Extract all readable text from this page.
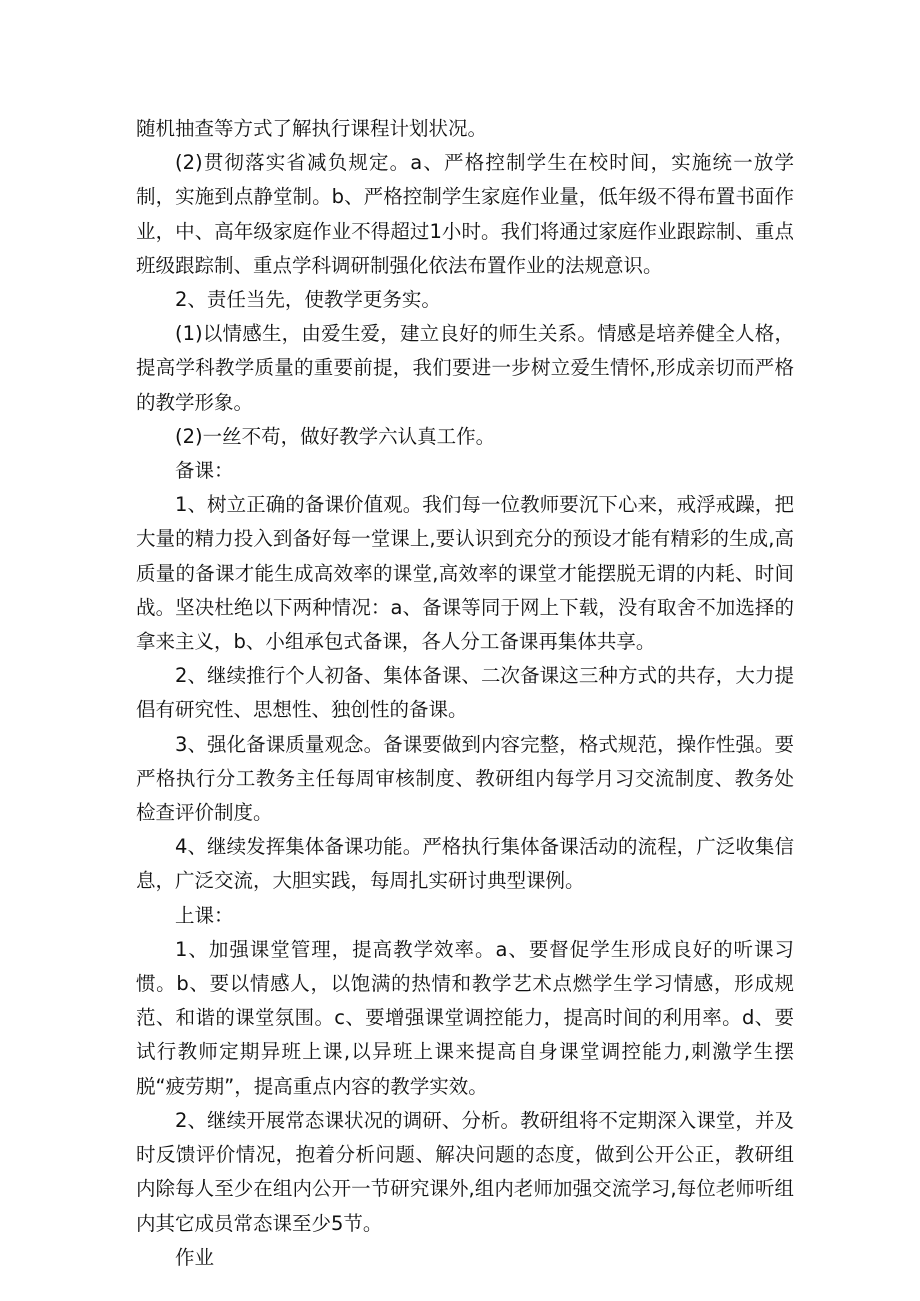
随机抽查等方式了解执行课程计划状况。

(2)贯彻落实省减负规定。a、严格控制学生在校时间，实施统一放学制，实施到点静堂制。b、严格控制学生家庭作业量，低年级不得布置书面作业，中、高年级家庭作业不得超过1小时。我们将通过家庭作业跟踪制、重点班级跟踪制、重点学科调研制强化依法布置作业的法规意识。

2、责任当先，使教学更务实。

(1)以情感生，由爱生爱，建立良好的师生关系。情感是培养健全人格，提高学科教学质量的重要前提，我们要进一步树立爱生情怀,形成亲切而严格的教学形象。

(2)一丝不苟，做好教学六认真工作。

备课：

1、树立正确的备课价值观。我们每一位教师要沉下心来，戒浮戒躁，把大量的精力投入到备好每一堂课上,要认识到充分的预设才能有精彩的生成,高质量的备课才能生成高效率的课堂,高效率的课堂才能摆脱无谓的内耗、时间战。坚决杜绝以下两种情况：a、备课等同于网上下载，没有取舍不加选择的拿来主义，b、小组承包式备课，各人分工备课再集体共享。

2、继续推行个人初备、集体备课、二次备课这三种方式的共存，大力提倡有研究性、思想性、独创性的备课。

3、强化备课质量观念。备课要做到内容完整，格式规范，操作性强。要严格执行分工教务主任每周审核制度、教研组内每学月习交流制度、教务处检查评价制度。

4、继续发挥集体备课功能。严格执行集体备课活动的流程，广泛收集信息，广泛交流，大胆实践，每周扎实研讨典型课例。

上课：

1、加强课堂管理，提高教学效率。a、要督促学生形成良好的听课习惯。b、要以情感人，以饱满的热情和教学艺术点燃学生学习情感，形成规范、和谐的课堂氛围。c、要增强课堂调控能力，提高时间的利用率。d、要试行教师定期异班上课,以异班上课来提高自身课堂调控能力,刺激学生摆脱“疲劳期”，提高重点内容的教学实效。

2、继续开展常态课状况的调研、分析。教研组将不定期深入课堂，并及时反馈评价情况，抱着分析问题、解决问题的态度，做到公开公正，教研组内除每人至少在组内公开一节研究课外,组内老师加强交流学习,每位老师听组内其它成员常态课至少5节。

作业
